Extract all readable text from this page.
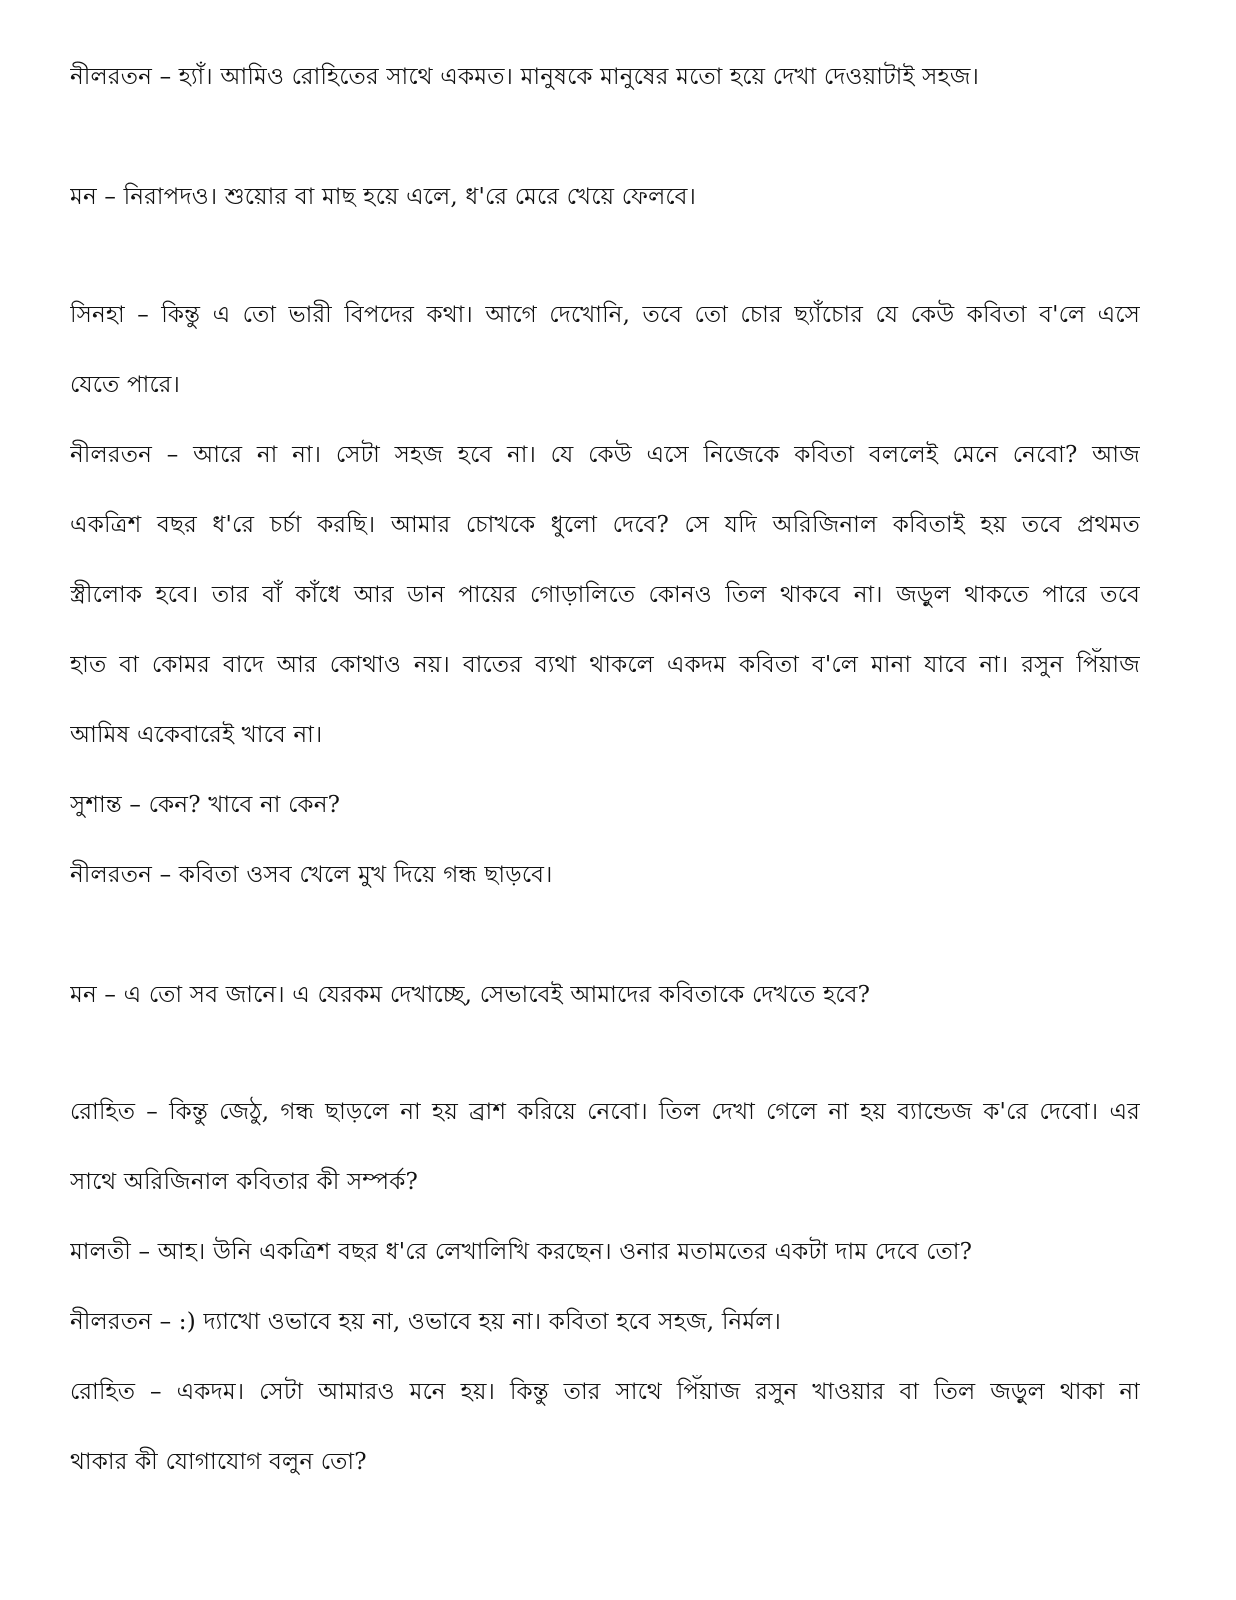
নীলরতন – হ্যাঁ। আমিও রোহিতের সাথে একমত। মানুষকে মানুষের মতো হয়ে দেখা দেওয়াটাই সহজ।
মন – নিরাপদও। শুয়োর বা মাছ হয়ে এলে, ধ'রে মেরে খেয়ে ফেলবে।
সিনহা – কিন্তু এ তো ভারী বিপদের কথা। আগে দেখোনি, তবে তো চোর ছ্যাঁচোর যে কেউ কবিতা ব'লে এসে
যেতে পারে।
নীলরতন – আরে না না। সেটা সহজ হবে না। যে কেউ এসে নিজেকে কবিতা বললেই মেনে নেবো? আজ
একত্রিশ বছর ধ'রে চর্চা করছি। আমার চোখকে ধুলো দেবে? সে যদি অরিজিনাল কবিতাই হয় তবে প্রথমত
স্ত্রীলোক হবে। তার বাঁ কাঁধে আর ডান পায়ের গোড়ালিতে কোনও তিল থাকবে না। জড়ুল থাকতে পারে তবে
হাত বা কোমর বাদে আর কোথাও নয়। বাতের ব্যথা থাকলে একদম কবিতা ব'লে মানা যাবে না। রসুন পিঁয়াজ
আমিষ একেবারেই খাবে না।
সুশান্ত – কেন? খাবে না কেন?
নীলরতন – কবিতা ওসব খেলে মুখ দিয়ে গন্ধ ছাড়বে।
মন – এ তো সব জানে। এ যেরকম দেখাচ্ছে, সেভাবেই আমাদের কবিতাকে দেখতে হবে?
রোহিত – কিন্তু জেঠু, গন্ধ ছাড়লে না হয় ব্রাশ করিয়ে নেবো। তিল দেখা গেলে না হয় ব্যান্ডেজ ক'রে দেবো। এর
সাথে অরিজিনাল কবিতার কী সম্পর্ক?
মালতী – আহ। উনি একত্রিশ বছর ধ'রে লেখালিখি করছেন। ওনার মতামতের একটা দাম দেবে তো?
নীলরতন – :) দ্যাখো ওভাবে হয় না, ওভাবে হয় না। কবিতা হবে সহজ, নির্মল।
রোহিত – একদম। সেটা আমারও মনে হয়। কিন্তু তার সাথে পিঁয়াজ রসুন খাওয়ার বা তিল জড়ুল থাকা না
থাকার কী যোগাযোগ বলুন তো?
